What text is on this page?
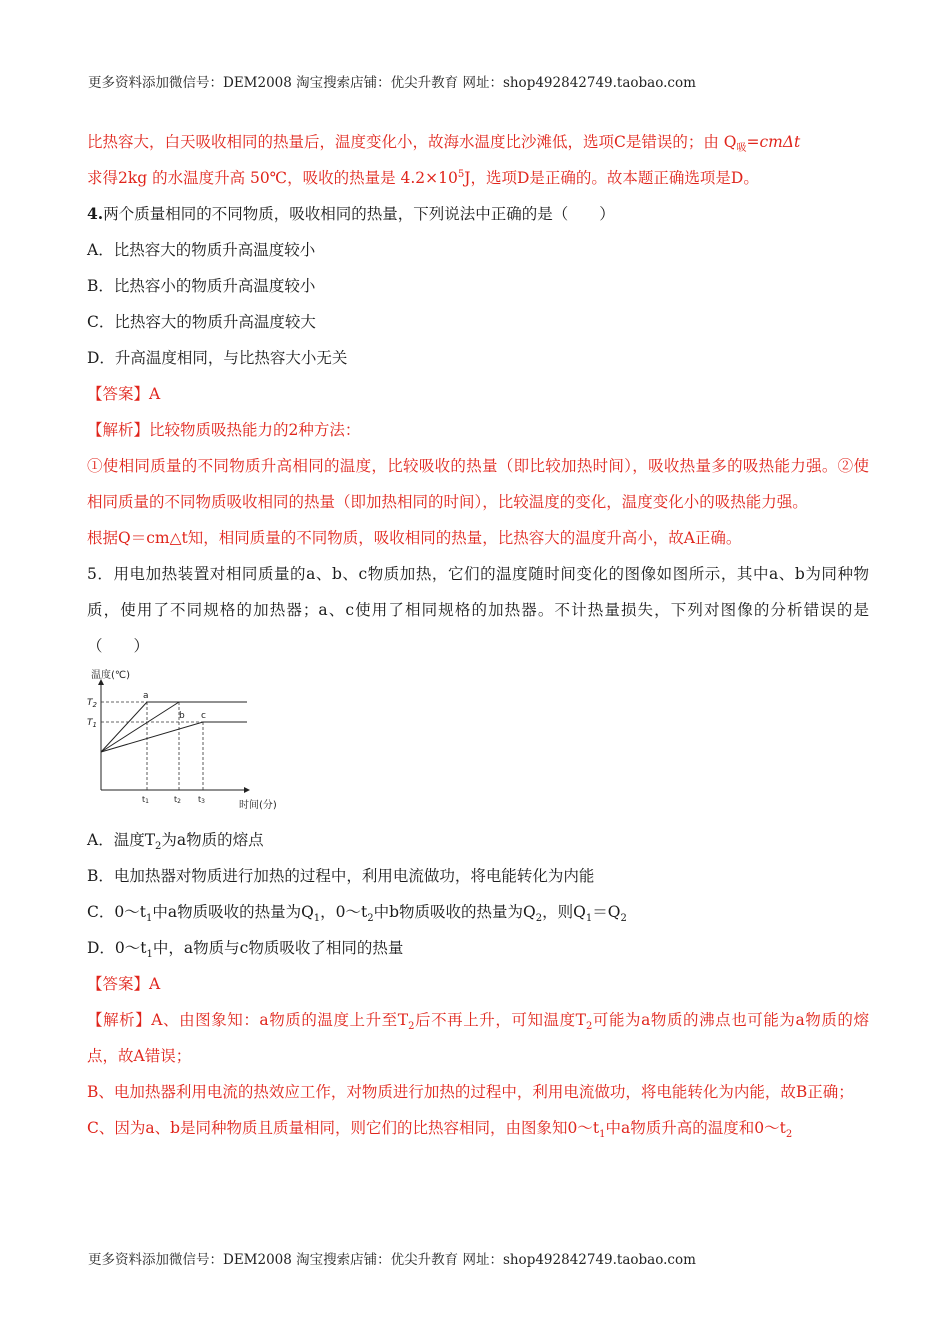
更多资料添加微信号：DEM2008 淘宝搜索店铺：优尖升教育 网址：shop492842749.taobao.com

比热容大，白天吸收相同的热量后，温度变化小，故海水温度比沙滩低，选项C是错误的；由 $Q_吸=cm\Delta t$

求得2kg 的水温度升高 50℃，吸收的热量是 $4.2\times 10^5J$，选项D是正确的。故本题正确选项是D。

4.两个质量相同的不同物质，吸收相同的热量，下列说法中正确的是（　　）

A．比热容大的物质升高温度较小

B．比热容小的物质升高温度较小

C．比热容大的物质升高温度较大

D．升高温度相同，与比热容大小无关

【答案】A

【解析】比较物质吸热能力的2种方法：

①使相同质量的不同物质升高相同的温度，比较吸收的热量（即比较加热时间），吸收热量多的吸热能力强。②使相同质量的不同物质吸收相同的热量（即加热相同的时间），比较温度的变化，温度变化小的吸热能力强。

根据Q＝cm△t知，相同质量的不同物质，吸收相同的热量，比热容大的温度升高小，故A正确。

5．用电加热装置对相同质量的a、b、c物质加热，它们的温度随时间变化的图像如图所示，其中a、b为同种物质，使用了不同规格的加热器；a、c使用了相同规格的加热器。不计热量损失，下列对图像的分析错误的是（　　）

温度(℃)
时间(分)
$T_2$
$T_1$
t1	t2 t3
a
b c

A．温度$T_2$为a物质的熔点

B．电加热器对物质进行加热的过程中，利用电流做功，将电能转化为内能

C．$0\sim t_1$中a物质吸收的热量为$Q_1$，$0\sim t_2$中b物质吸收的热量为$Q_2$，则$Q_1=Q_2$

D．$0\sim t_1$中，a物质与c物质吸收了相同的热量

【答案】A

【解析】A、由图象知：a物质的温度上升至$T_2$后不再上升，可知温度$T_2$可能为a物质的沸点也可能为a物质的熔点，故A错误；

B、电加热器利用电流的热效应工作，对物质进行加热的过程中，利用电流做功，将电能转化为内能，故B正确；

C、因为a、b是同种物质且质量相同，则它们的比热容相同，由图象知$0\sim t_1$中a物质升高的温度和$0\sim t_2$

更多资料添加微信号：DEM2008 淘宝搜索店铺：优尖升教育 网址：shop492842749.taobao.com
